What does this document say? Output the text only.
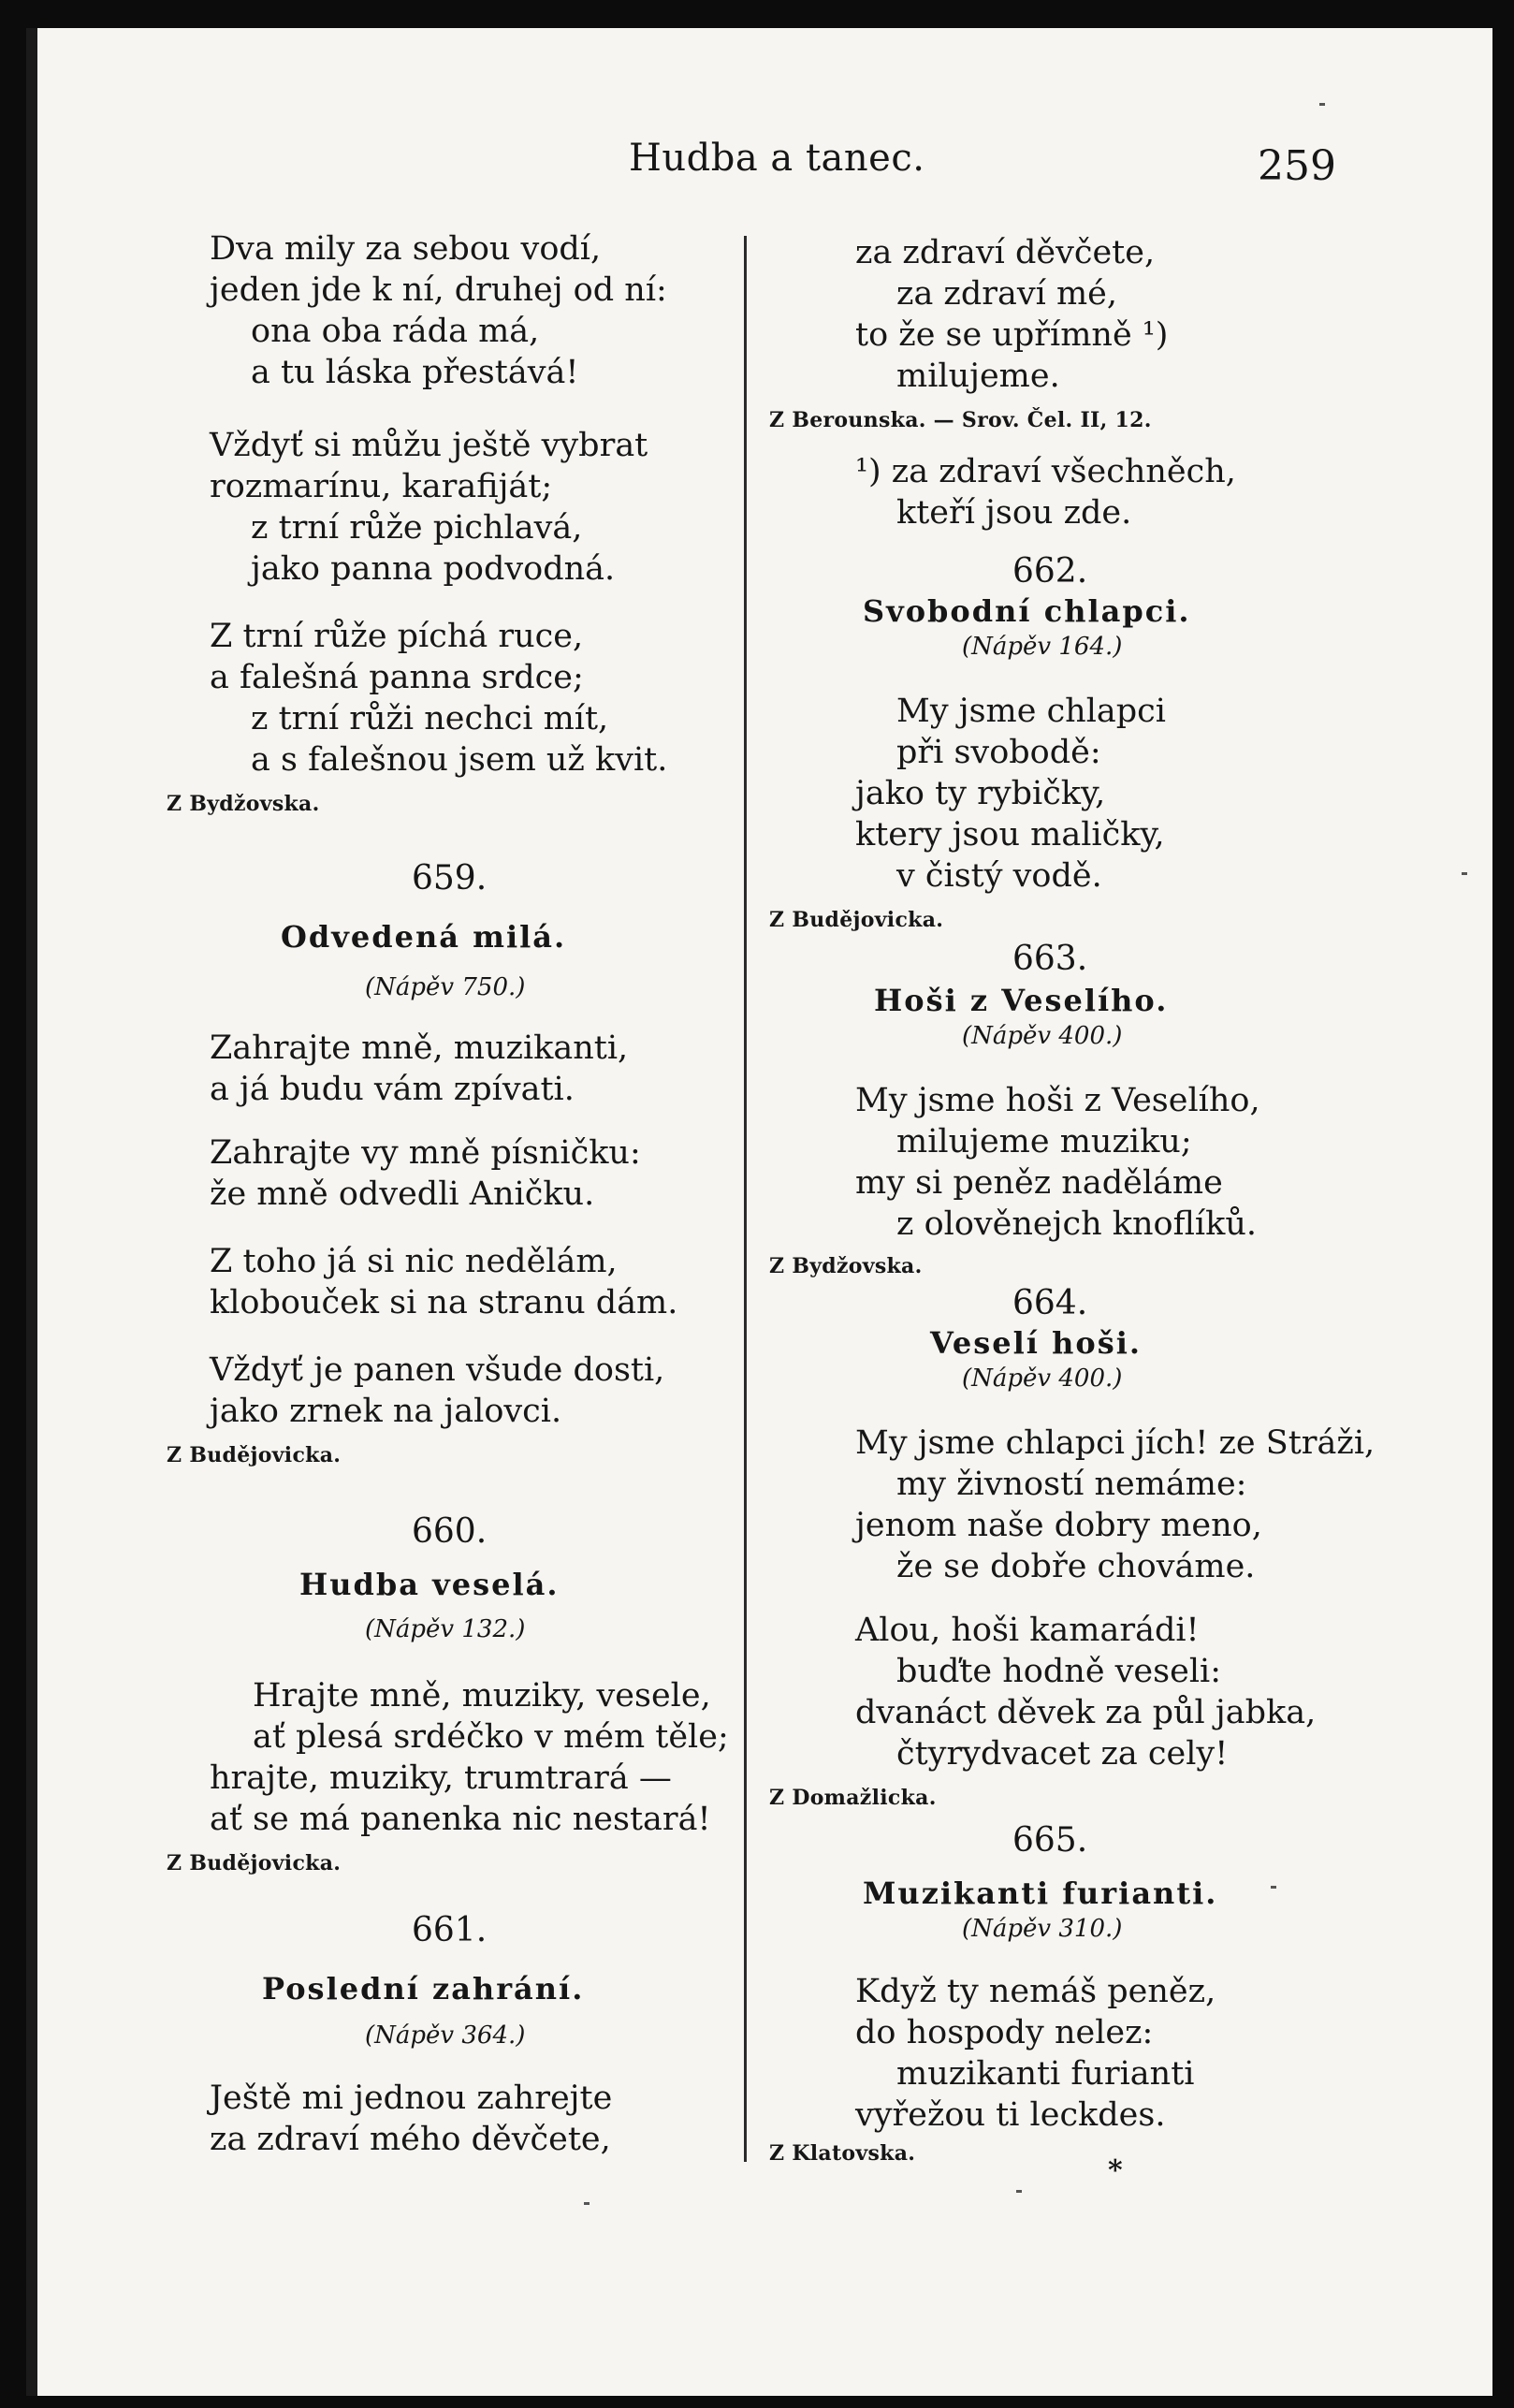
Hudba a tanec.	259
Dva mily za sebou vodí,
jeden jde k ní, druhej od ní:
ona oba ráda má,
a tu láska přestává!
Vždyť si můžu ještě vybrat
rozmarínu, karafiját;
z trní růže pichlavá,
jako panna podvodná.
Z trní růže píchá ruce,
a falešná panna srdce;
z trní růži nechci mít,
a s falešnou jsem už kvit.
Z Bydžovska.
659.
Odvedená milá.
(Nápěv 750.)
Zahrajte mně, muzikanti,
a já budu vám zpívati.
Zahrajte vy mně písničku:
že mně odvedli Aničku.
Z toho já si nic nedělám,
klobouček si na stranu dám.
Vždyť je panen všude dosti,
jako zrnek na jalovci.
Z Budějovicka.
660.
Hudba veselá.
(Nápěv 132.)
Hrajte mně, muziky, vesele,
ať plesá srdéčko v mém těle;
hrajte, muziky, trumtrará —
ať se má panenka nic nestará!
Z Budějovicka.
661.
Poslední zahrání.
(Nápěv 364.)
Ještě mi jednou zahrejte
za zdraví mého děvčete,
za zdraví děvčete,
za zdraví mé,
to že se upřímně ¹)
milujeme.
Z Berounska. — Srov. Čel. II, 12.
¹) za zdraví všechněch,
kteří jsou zde.
662.
Svobodní chlapci.
(Nápěv 164.)
My jsme chlapci
při svobodě:
jako ty rybičky,
ktery jsou maličky,
v čistý vodě.
Z Budějovicka.
663.
Hoši z Veselího.
(Nápěv 400.)
My jsme hoši z Veselího,
milujeme muziku;
my si peněz naděláme
z olověnejch knoflíků.
Z Bydžovska.
664.
Veselí hoši.
(Nápěv 400.)
My jsme chlapci jích! ze Stráži,
my živností nemáme:
jenom naše dobry meno,
že se dobře chováme.
Alou, hoši kamarádi!
buďte hodně veseli:
dvanáct děvek za půl jabka,
čtyrydvacet za cely!
Z Domažlicka.
665.
Muzikanti furianti.
(Nápěv 310.)
Když ty nemáš peněz,
do hospody nelez:
muzikanti furianti
vyřežou ti leckdes.
Z Klatovska.
*
